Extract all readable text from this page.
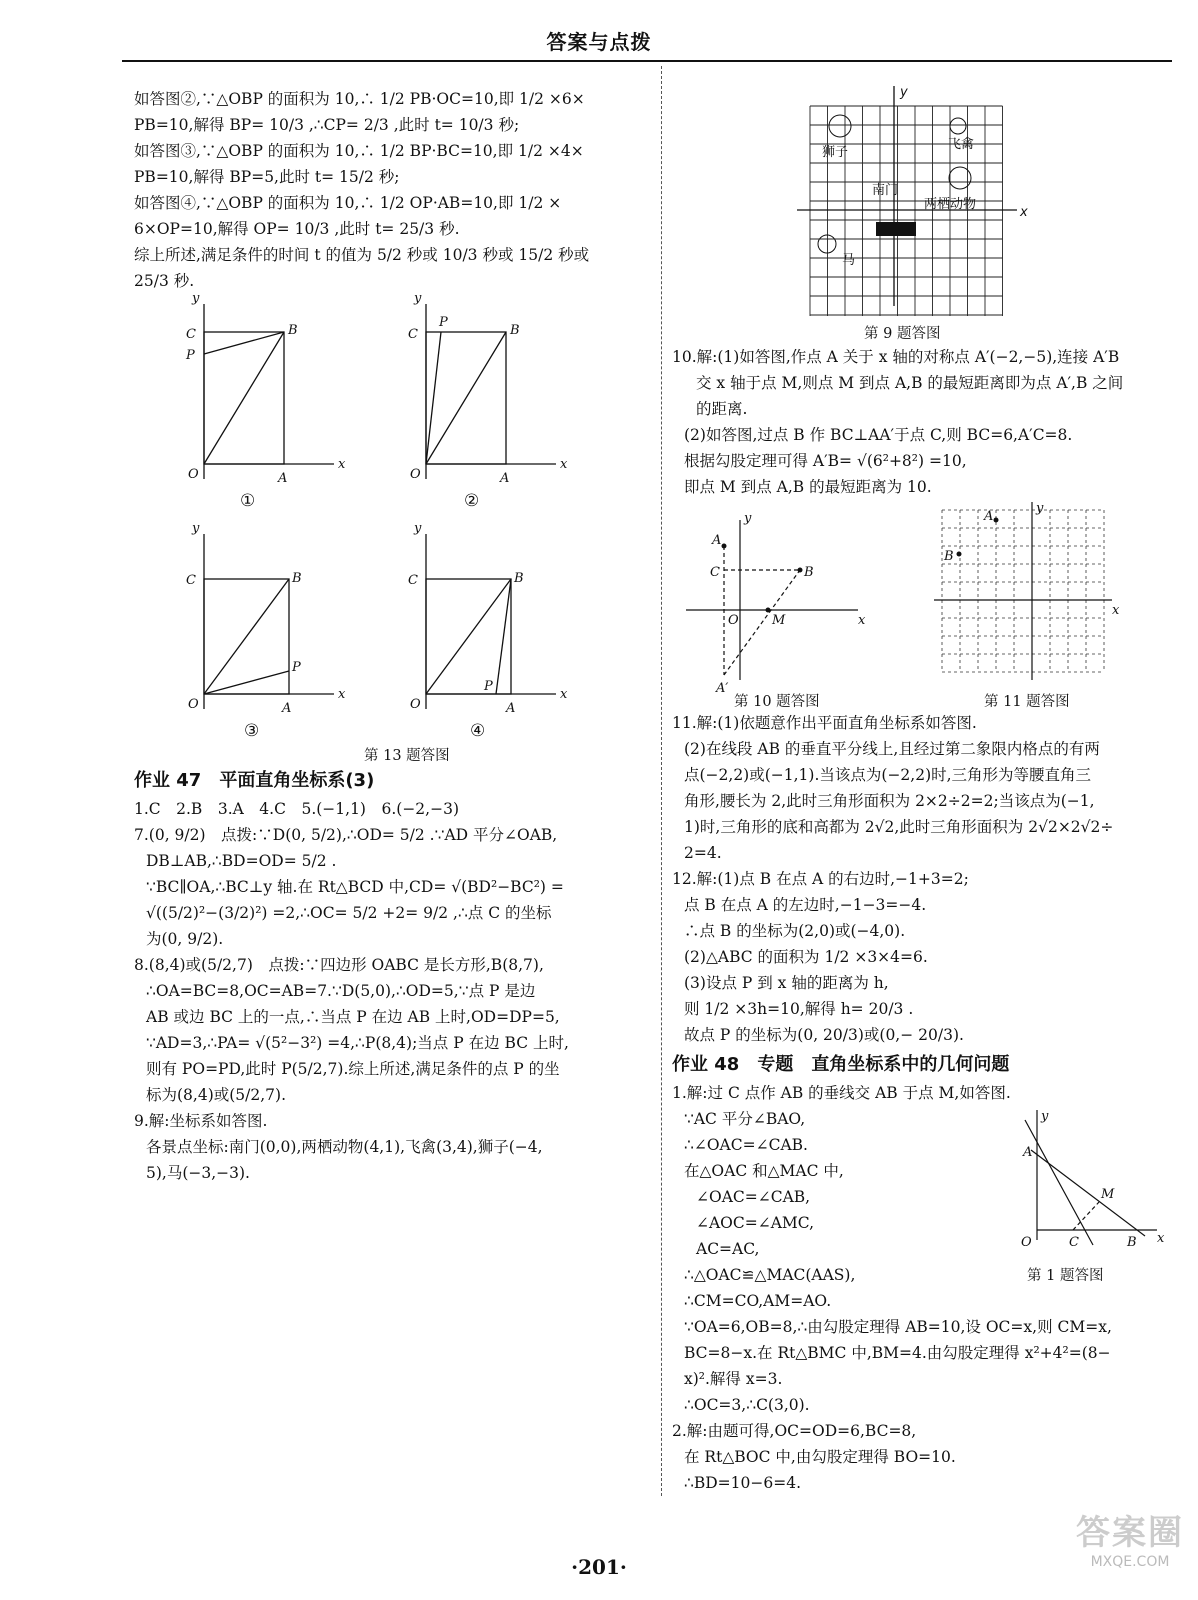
答案与点拨

如答图②,∵△OBP 的面积为 10,∴ 1/2 PB·OC=10,即 1/2 ×6×

PB=10,解得 BP= 10/3 ,∴CP= 2/3 ,此时 t= 10/3 秒;

如答图③,∵△OBP 的面积为 10,∴ 1/2 BP·BC=10,即 1/2 ×4×

PB=10,解得 BP=5,此时 t= 15/2 秒;

如答图④,∵△OBP 的面积为 10,∴ 1/2 OP·AB=10,即 1/2 ×

6×OP=10,解得 OP= 10/3 ,此时 t= 25/3 秒.

综上所述,满足条件的时间 t 的值为 5/2 秒或 10/3 秒或 15/2 秒或

25/3 秒.

y
x
O
C
P
B
A
y
x
O
C
P
B
A
y
x
O
C	B
P
A
y
x
O
C	B
P
A
①	②
③	④
第 13 题答图
作业 47　平面直角坐标系(3)

1.C　2.B　3.A　4.C　5.(−1,1)　6.(−2,−3)

7.(0, 9/2)　点拨:∵D(0, 5/2),∴OD= 5/2 .∵AD 平分∠OAB,

DB⊥AB,∴BD=OD= 5/2 .

∵BC∥OA,∴BC⊥y 轴.在 Rt△BCD 中,CD= √(BD²−BC²) =

√((5/2)²−(3/2)²) =2,∴OC= 5/2 +2= 9/2 ,∴点 C 的坐标

为(0, 9/2).

8.(8,4)或(5/2,7)　点拨:∵四边形 OABC 是长方形,B(8,7),

∴OA=BC=8,OC=AB=7.∵D(5,0),∴OD=5,∵点 P 是边

AB 或边 BC 上的一点,∴当点 P 在边 AB 上时,OD=DP=5,

∵AD=3,∴PA= √(5²−3²) =4,∴P(8,4);当点 P 在边 BC 上时,

则有 PO=PD,此时 P(5/2,7).综上所述,满足条件的点 P 的坐

标为(8,4)或(5/2,7).

9.解:坐标系如答图.

各景点坐标:南门(0,0),两栖动物(4,1),飞禽(3,4),狮子(−4,

5),马(−3,−3).

狮子
飞禽
南门
两栖动物
马
x
y
第 9 题答图

10.解:(1)如答图,作点 A 关于 x 轴的对称点 A′(−2,−5),连接 A′B

交 x 轴于点 M,则点 M 到点 A,B 的最短距离即为点 A′,B 之间

的距离.

(2)如答图,过点 B 作 BC⊥AA′于点 C,则 BC=6,A′C=8.

根据勾股定理可得 A′B= √(6²+8²) =10,

即点 M 到点 A,B 的最短距离为 10.

y
x
A
C	B
O	M
A′
y
x
A
B
第 10 题答图	第 11 题答图

11.解:(1)依题意作出平面直角坐标系如答图.

(2)在线段 AB 的垂直平分线上,且经过第二象限内格点的有两

点(−2,2)或(−1,1).当该点为(−2,2)时,三角形为等腰直角三

角形,腰长为 2,此时三角形面积为 2×2÷2=2;当该点为(−1,

1)时,三角形的底和高都为 2√2,此时三角形面积为 2√2×2√2÷

2=4.

12.解:(1)点 B 在点 A 的右边时,−1+3=2;

点 B 在点 A 的左边时,−1−3=−4.

∴点 B 的坐标为(2,0)或(−4,0).

(2)△ABC 的面积为 1/2 ×3×4=6.

(3)设点 P 到 x 轴的距离为 h,

则 1/2 ×3h=10,解得 h= 20/3 .

故点 P 的坐标为(0, 20/3)或(0,− 20/3).

作业 48　专题　直角坐标系中的几何问题
y
x
A
M
O	C	B
第 1 题答图

1.解:过 C 点作 AB 的垂线交 AB 于点 M,如答图.

∵AC 平分∠BAO,

∴∠OAC=∠CAB.

在△OAC 和△MAC 中,

∠OAC=∠CAB,

∠AOC=∠AMC,

AC=AC,

∴△OAC≌△MAC(AAS),

∴CM=CO,AM=AO.

∵OA=6,OB=8,∴由勾股定理得 AB=10,设 OC=x,则 CM=x,

BC=8−x.在 Rt△BMC 中,BM=4.由勾股定理得 x²+4²=(8−

x)².解得 x=3.

∴OC=3,∴C(3,0).

2.解:由题可得,OC=OD=6,BC=8,

在 Rt△BOC 中,由勾股定理得 BO=10.

∴BD=10−6=4.

·201·
答案圈
MXQE.COM
